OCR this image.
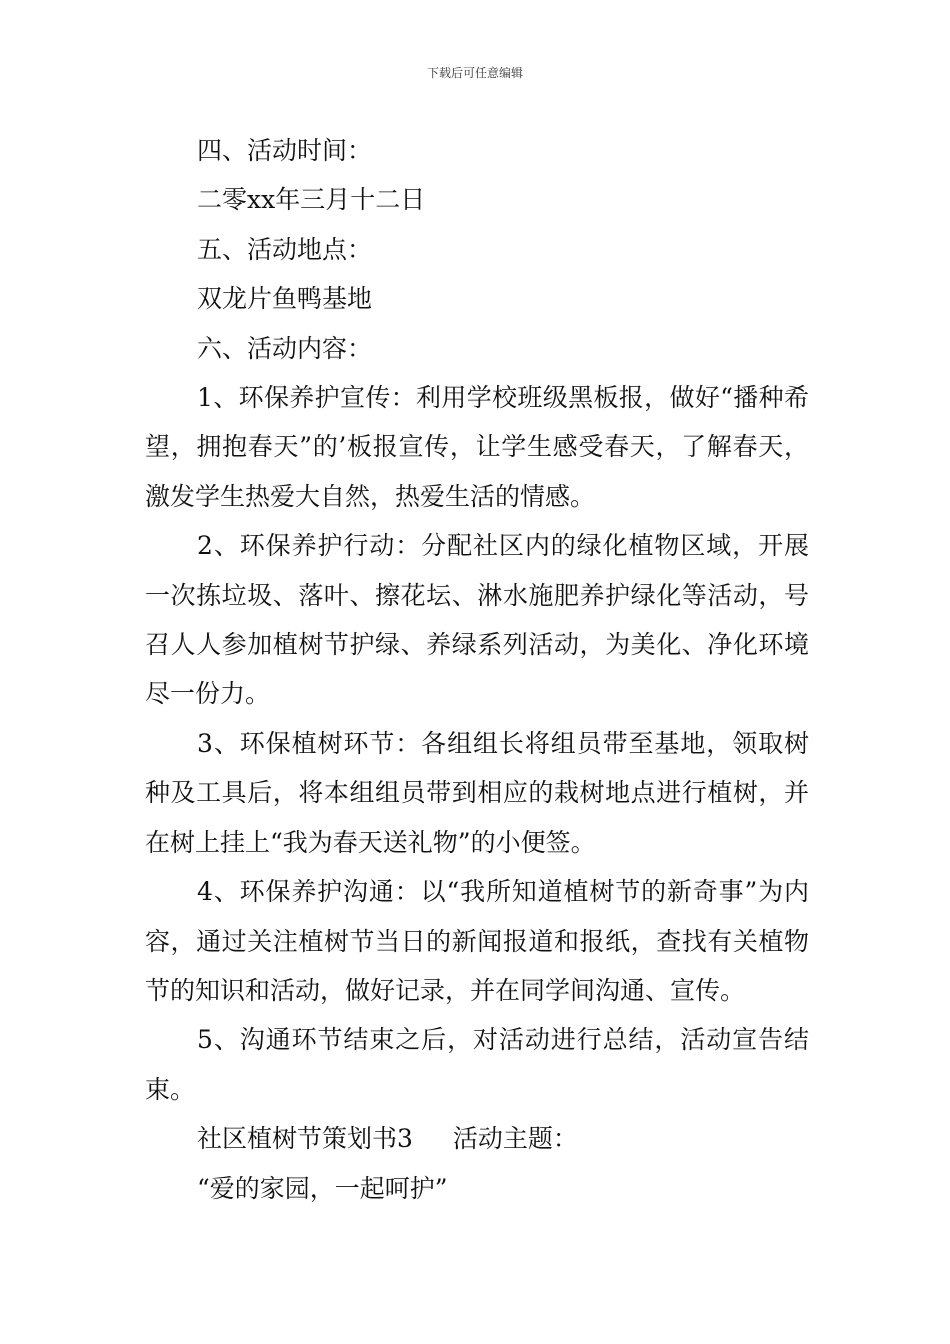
下载后可任意编辑

四、活动时间：

二零xx年三月十二日

五、活动地点：

双龙片鱼鸭基地

六、活动内容：

1、环保养护宣传：利用学校班级黑板报，做好“播种希望，拥抱春天”的’板报宣传，让学生感受春天，了解春天，激发学生热爱大自然，热爱生活的情感。

2、环保养护行动：分配社区内的绿化植物区域，开展一次拣垃圾、落叶、擦花坛、淋水施肥养护绿化等活动，号召人人参加植树节护绿、养绿系列活动，为美化、净化环境尽一份力。

3、环保植树环节：各组组长将组员带至基地，领取树种及工具后，将本组组员带到相应的栽树地点进行植树，并在树上挂上“我为春天送礼物”的小便签。

4、环保养护沟通：以“我所知道植树节的新奇事”为内容，通过关注植树节当日的新闻报道和报纸，查找有关植物节的知识和活动，做好记录，并在同学间沟通、宣传。

5、沟通环节结束之后，对活动进行总结，活动宣告结束。

社区植树节策划书3 活动主题：

“爱的家园，一起呵护”
